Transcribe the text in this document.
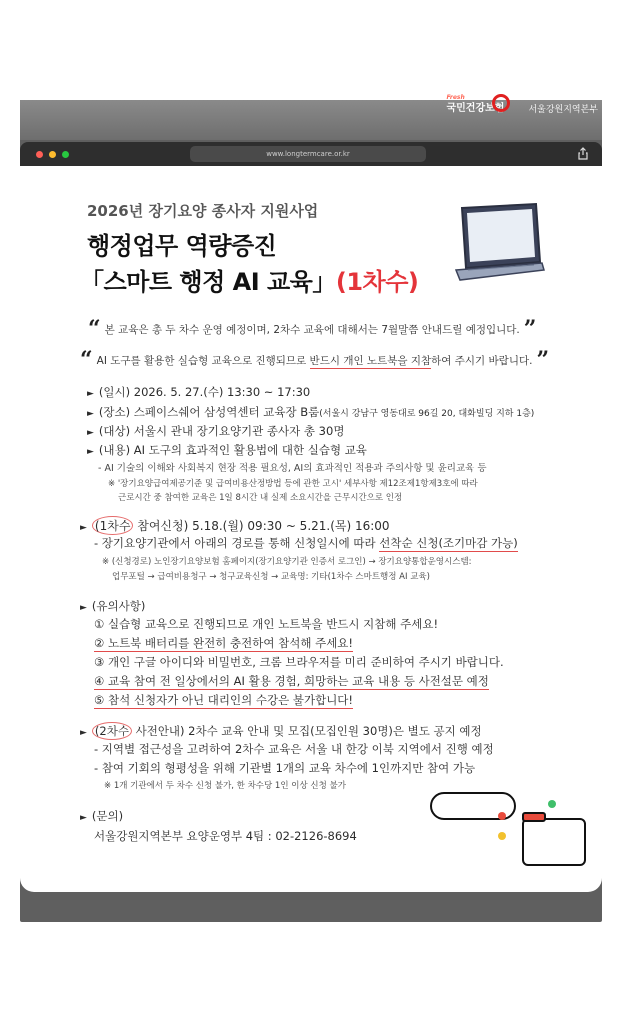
Fresh
국민건강보험	서울강원지역본부
www.longtermcare.or.kr
2026년 장기요양 종사자 지원사업
행정업무 역량증진
「스마트 행정 AI 교육」(1차수)
“ 본 교육은 총 두 차수 운영 예정이며, 2차수 교육에 대해서는 7월말쯤 안내드릴 예정입니다. ”
“ AI 도구를 활용한 실습형 교육으로 진행되므로 반드시 개인 노트북을 지참하여 주시기 바랍니다. ”
► (일시) 2026. 5. 27.(수) 13:30 ~ 17:30
► (장소) 스페이스쉐어 삼성역센터 교육장 B룸(서울시 강남구 영동대로 96길 20, 대화빌딩 지하 1층)
► (대상) 서울시 관내 장기요양기관 종사자 총 30명
► (내용) AI 도구의 효과적인 활용법에 대한 실습형 교육
- AI 기술의 이해와 사회복지 현장 적용 필요성, AI의 효과적인 적용과 주의사항 및 윤리교육 등
※ '장기요양급여제공기준 및 급여비용산정방법 등에 관한 고시' 세부사항 제12조제1항제3호에 따라
근로시간 중 참여한 교육은 1일 8시간 내 실제 소요시간을 근무시간으로 인정
► (1차수 참여신청) 5.18.(월) 09:30 ~ 5.21.(목) 16:00
- 장기요양기관에서 아래의 경로를 통해 신청일시에 따라 선착순 신청(조기마감 가능)
※ (신청경로) 노인장기요양보험 홈페이지(장기요양기관 인증서 로그인) → 장기요양통합운영시스템:
업무포털 → 급여비용청구 → 청구교육신청 → 교육명: 기타(1차수 스마트행정 AI 교육)
► (유의사항)
① 실습형 교육으로 진행되므로 개인 노트북을 반드시 지참해 주세요!
② 노트북 배터리를 완전히 충전하여 참석해 주세요!
③ 개인 구글 아이디와 비밀번호, 크롬 브라우저를 미리 준비하여 주시기 바랍니다.
④ 교육 참여 전 일상에서의 AI 활용 경험, 희망하는 교육 내용 등 사전설문 예정
⑤ 참석 신청자가 아닌 대리인의 수강은 불가합니다!
► (2차수 사전안내) 2차수 교육 안내 및 모집(모집인원 30명)은 별도 공지 예정
- 지역별 접근성을 고려하여 2차수 교육은 서울 내 한강 이북 지역에서 진행 예정
- 참여 기회의 형평성을 위해 기관별 1개의 교육 차수에 1인까지만 참여 가능
※ 1개 기관에서 두 차수 신청 불가, 한 차수당 1인 이상 신청 불가
► (문의)
서울강원지역본부 요양운영부 4팀 : 02-2126-8694
